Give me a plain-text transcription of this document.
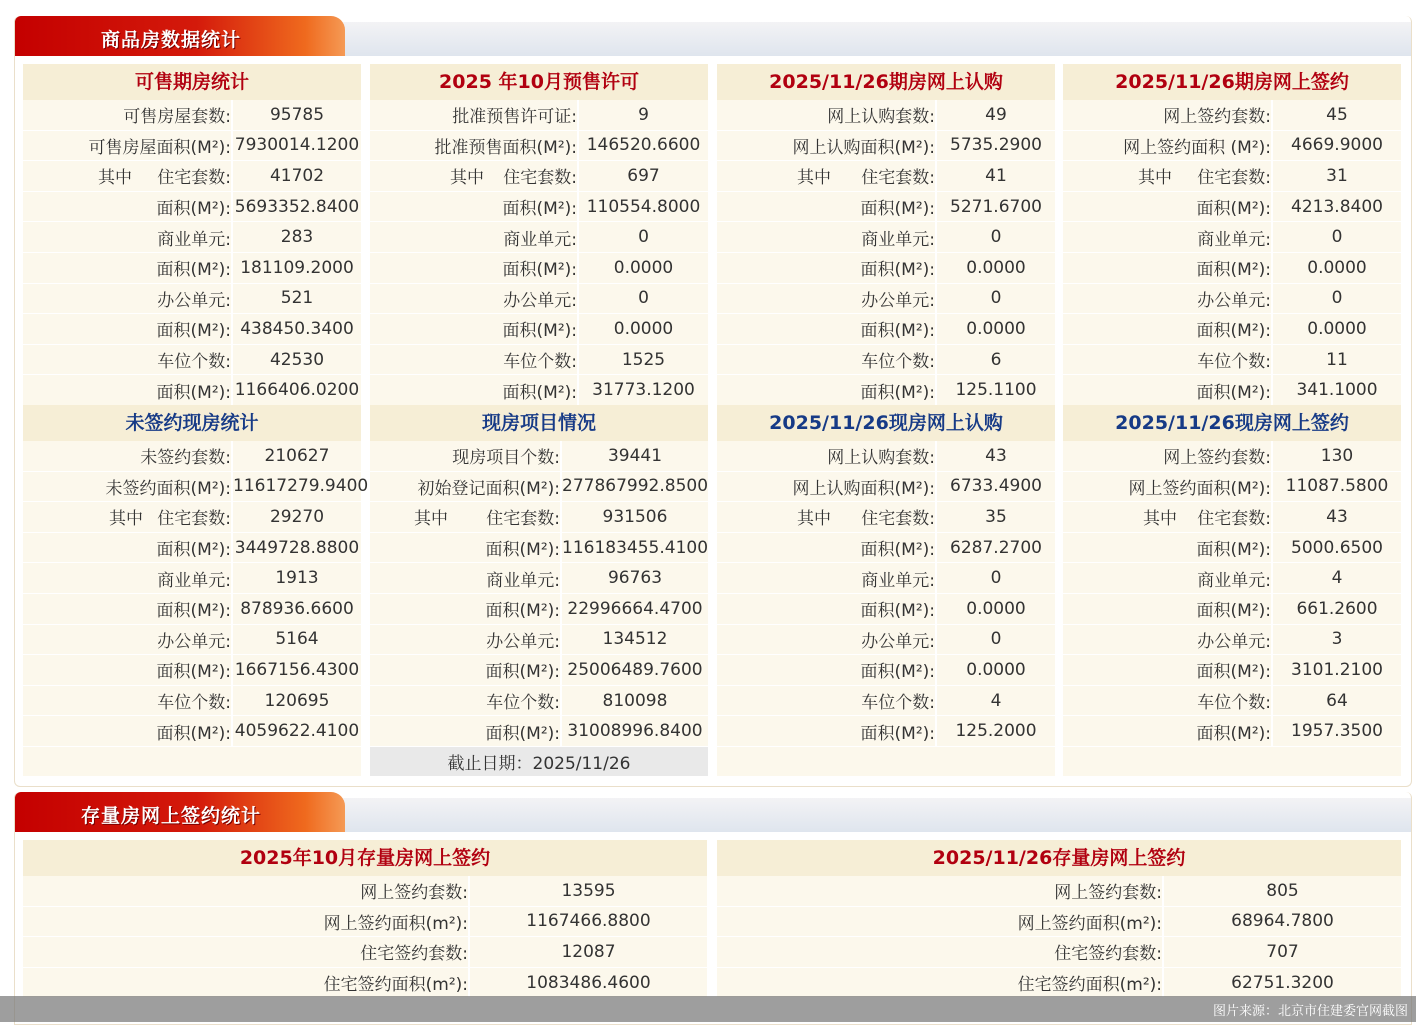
商品房数据统计
存量房网上签约统计
可售期房统计
可售房屋套数:	95785
可售房屋面积(M²): 7930014.1200
其中 住宅套数:	41702
面积(M²): 5693352.8400
商业单元:	283
面积(M²): 181109.2000
办公单元:	521
面积(M²): 438450.3400
车位个数:	42530
面积(M²): 1166406.0200
2025 年10月预售许可
批准预售许可证:	9
批准预售面积(M²): 146520.6600
其中 住宅套数:	697
面积(M²): 110554.8000
商业单元:	0
面积(M²):	0.0000
办公单元:	0
面积(M²):	0.0000
车位个数:	1525
面积(M²): 31773.1200
2025/11/26期房网上认购
网上认购套数:	49
网上认购面积(M²): 5735.2900
其中 住宅套数:	41
面积(M²): 5271.6700
商业单元:	0
面积(M²):	0.0000
办公单元:	0
面积(M²):	0.0000
车位个数:	6
面积(M²):	125.1100
2025/11/26期房网上签约
网上签约套数:	45
网上签约面积 (M²):	4669.9000
其中 住宅套数:	31
面积(M²):	4213.8400
商业单元:	0
面积(M²):	0.0000
办公单元:	0
面积(M²):	0.0000
车位个数:	11
面积(M²):	341.1000
未签约现房统计
未签约套数:	210627
未签约面积(M²): 11617279.9400
其中 住宅套数:	29270
面积(M²): 3449728.8800
商业单元:	1913
面积(M²): 878936.6600
办公单元:	5164
面积(M²): 1667156.4300
车位个数:	120695
面积(M²): 4059622.4100
现房项目情况
现房项目个数:	39441
初始登记面积(M²): 277867992.8500
其中 住宅套数:	931506
面积(M²): 116183455.4100
商业单元:	96763
面积(M²): 22996664.4700
办公单元:	134512
面积(M²): 25006489.7600
车位个数:	810098
面积(M²): 31008996.8400
截止日期：2025/11/26
2025/11/26现房网上认购
网上认购套数:	43
网上认购面积(M²): 6733.4900
其中 住宅套数:	35
面积(M²): 6287.2700
商业单元:	0
面积(M²):	0.0000
办公单元:	0
面积(M²):	0.0000
车位个数:	4
面积(M²):	125.2000
2025/11/26现房网上签约
网上签约套数:	130
网上签约面积(M²): 11087.5800
其中 住宅套数:	43
面积(M²):	5000.6500
商业单元:	4
面积(M²):	661.2600
办公单元:	3
面积(M²):	3101.2100
车位个数:	64
面积(M²):	1957.3500
2025年10月存量房网上签约
网上签约套数:	13595
网上签约面积(m²):	1167466.8800
住宅签约套数:	12087
住宅签约面积(m²):	1083486.4600
2025/11/26存量房网上签约
网上签约套数:	805
网上签约面积(m²):	68964.7800
住宅签约套数:	707
住宅签约面积(m²):	62751.3200
图片来源：北京市住建委官网截图
